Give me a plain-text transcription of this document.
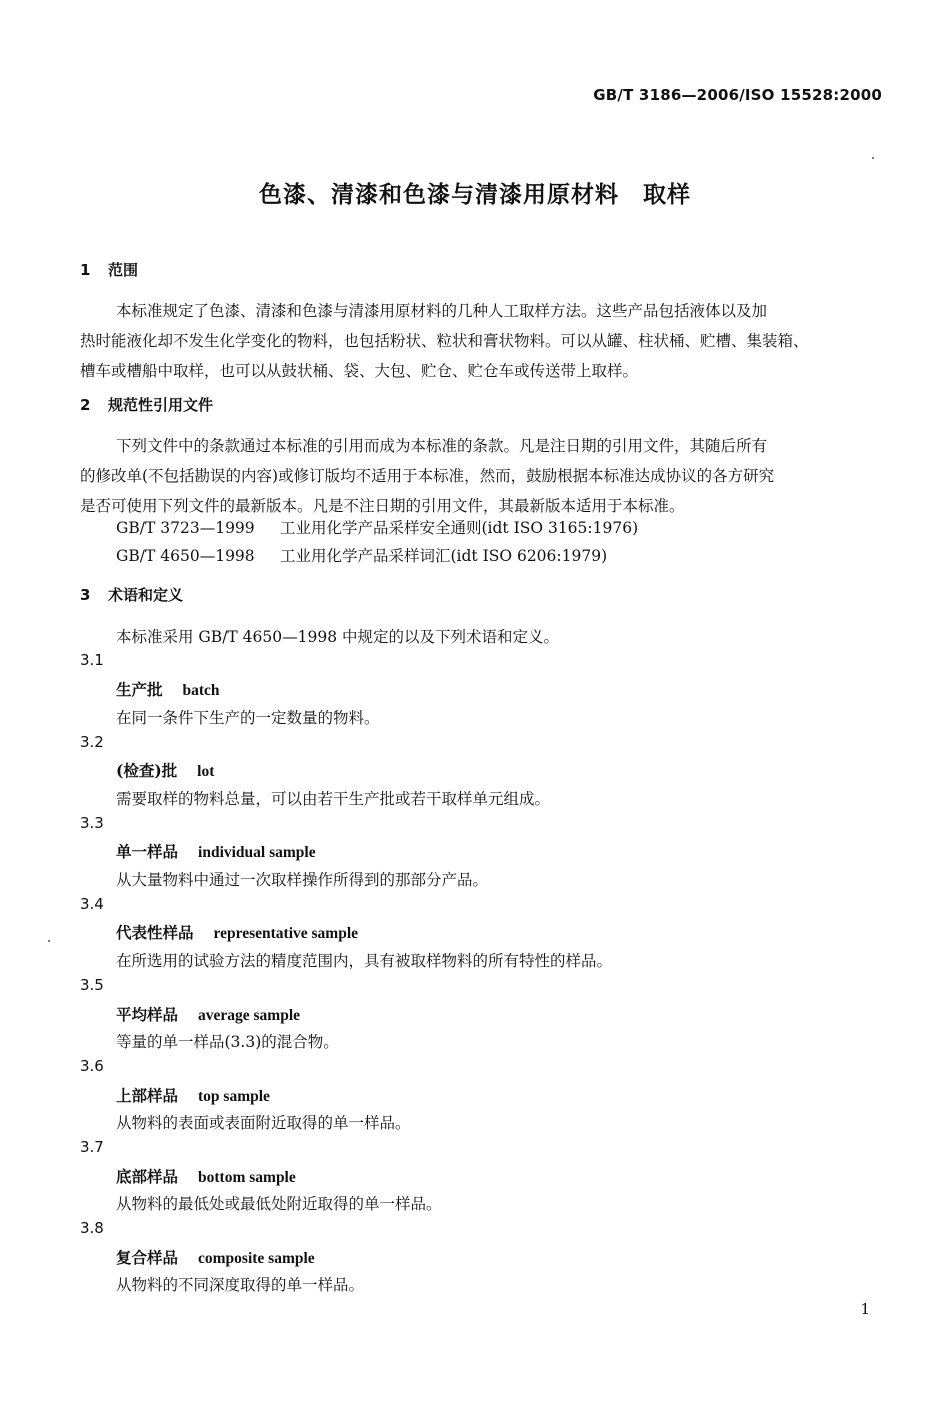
GB/T 3186—2006/ISO 15528:2000
色漆、清漆和色漆与清漆用原材料　取样
1 范围
本标准规定了色漆、清漆和色漆与清漆用原材料的几种人工取样方法。这些产品包括液体以及加
热时能液化却不发生化学变化的物料，也包括粉状、粒状和膏状物料。可以从罐、柱状桶、贮槽、集装箱、
槽车或槽船中取样，也可以从鼓状桶、袋、大包、贮仓、贮仓车或传送带上取样。
2 规范性引用文件
下列文件中的条款通过本标准的引用而成为本标准的条款。凡是注日期的引用文件，其随后所有
的修改单(不包括勘误的内容)或修订版均不适用于本标准，然而，鼓励根据本标准达成协议的各方研究
是否可使用下列文件的最新版本。凡是不注日期的引用文件，其最新版本适用于本标准。
GB/T 3723—1999 工业用化学产品采样安全通则(idt ISO 3165:1976)
GB/T 4650—1998 工业用化学产品采样词汇(idt ISO 6206:1979)
3 术语和定义
本标准采用 GB/T 4650—1998 中规定的以及下列术语和定义。
3.1
生产批 batch
在同一条件下生产的一定数量的物料。
3.2
(检查)批 lot
需要取样的物料总量，可以由若干生产批或若干取样单元组成。
3.3
单一样品 individual sample
从大量物料中通过一次取样操作所得到的那部分产品。
3.4
代表性样品 representative sample
在所选用的试验方法的精度范围内，具有被取样物料的所有特性的样品。
3.5
平均样品 average sample
等量的单一样品(3.3)的混合物。
3.6
上部样品 top sample
从物料的表面或表面附近取得的单一样品。
3.7
底部样品 bottom sample
从物料的最低处或最低处附近取得的单一样品。
3.8
复合样品 composite sample
从物料的不同深度取得的单一样品。
1
